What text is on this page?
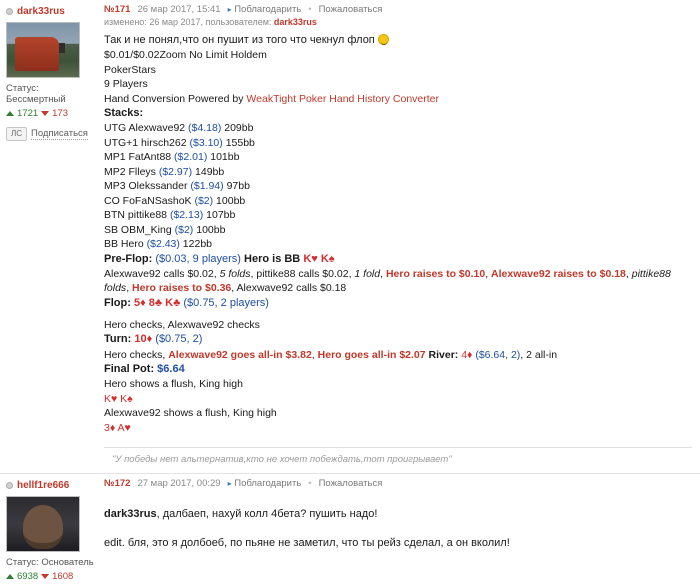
dark33rus
Статус: Бессмертный
1721 173
ЛС Подписаться
№171 26 мар 2017, 15:41 ▸ Поблагодарить • Пожаловаться
изменено: 26 мар 2017, пользователем: dark33rus

Так и не понял,что он пушит из того что чекнул флоп

$0.01/$0.02Zoom No Limit Holdem

PokerStars

9 Players

Hand Conversion Powered by WeakTight Poker Hand History Converter

Stacks:

UTG Alexwave92 ($4.18) 209bb

UTG+1 hirsch262 ($3.10) 155bb

MP1 FatAnt88 ($2.01) 101bb

MP2 Flleys ($2.97) 149bb

MP3 Olekssander ($1.94) 97bb

CO FoFaNSashoK ($2) 100bb

BTN pittike88 ($2.13) 107bb

SB OBM_King ($2) 100bb

BB Hero ($2.43) 122bb

Pre-Flop: ($0.03, 9 players) Hero is BB K♥ K♠

Alexwave92 calls $0.02, 5 folds, pittike88 calls $0.02, 1 fold, Hero raises to $0.10, Alexwave92 raises to $0.18, pittike88 folds, Hero raises to $0.36, Alexwave92 calls $0.18

Flop: 5♦ 8♣ K♣ ($0.75, 2 players)

Hero checks, Alexwave92 checks

Turn: 10♦ ($0.75, 2)

Hero checks, Alexwave92 goes all-in $3.82, Hero goes all-in $2.07 River: 4♦ ($6.64, 2), 2 all-in

Final Pot: $6.64

Hero shows a flush, King high

K♥ K♠

Alexwave92 shows a flush, King high

3♦ A♥

"У победы нет альтернатив,кто не хочет побеждать,тот проигрывает"
hellf1re666
Статус: Основатель
6938 1608
№172 27 мар 2017, 00:29 ▸ Поблагодарить • Пожаловаться

dark33rus, далбаеп, нахуй колл 4бета? пушить надо!

edit. бля, это я долбоеб, по пьяне не заметил, что ты рейз сделал, а он вколил!
